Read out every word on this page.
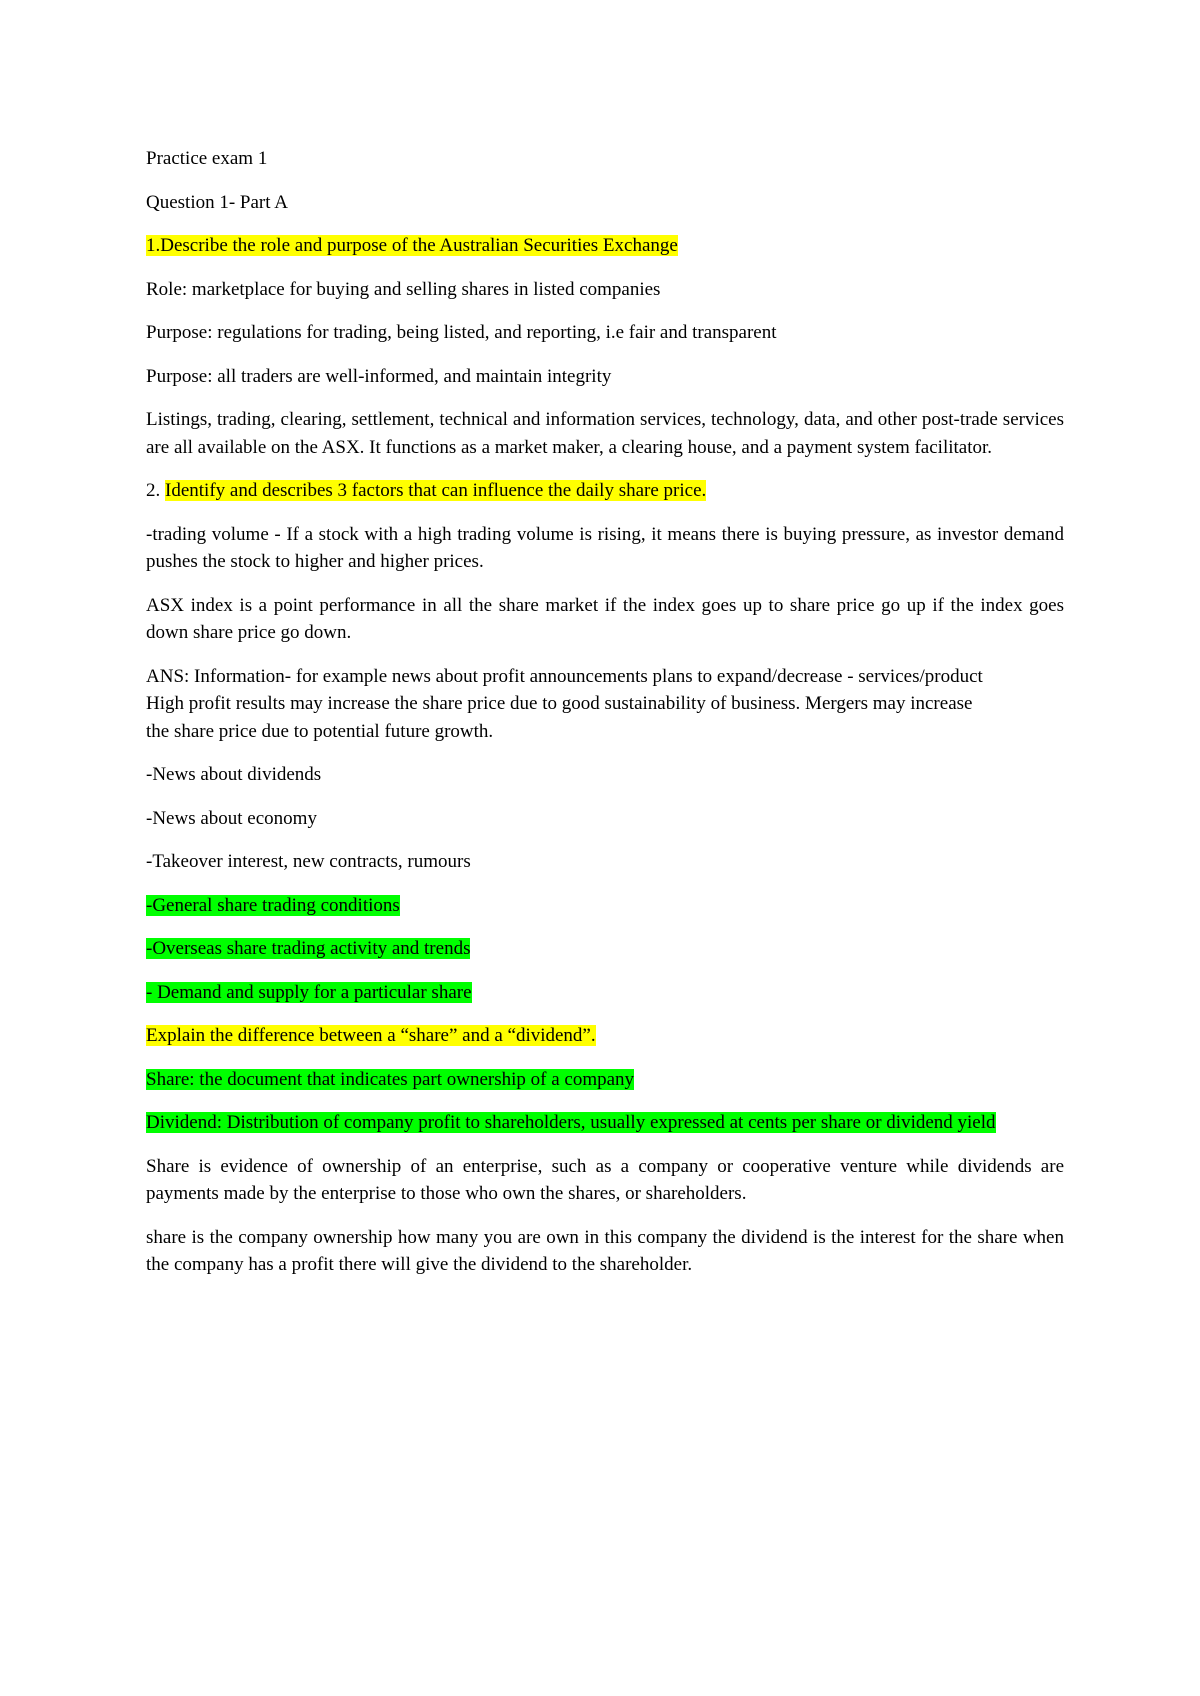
Practice exam 1

Question 1- Part A

1.Describe the role and purpose of the Australian Securities Exchange

Role: marketplace for buying and selling shares in listed companies

Purpose: regulations for trading, being listed, and reporting, i.e fair and transparent

Purpose: all traders are well-informed, and maintain integrity

Listings, trading, clearing, settlement, technical and information services, technology, data, and other post-trade services are all available on the ASX. It functions as a market maker, a clearing house, and a payment system facilitator.

2. Identify and describes 3 factors that can influence the daily share price.

-trading volume - If a stock with a high trading volume is rising, it means there is buying pressure, as investor demand pushes the stock to higher and higher prices.

ASX index is a point performance in all the share market if the index goes up to share price go up if the index goes down share price go down.

ANS: Information- for example news about profit announcements plans to expand/decrease - services/product High profit results may increase the share price due to good sustainability of business. Mergers may increase the share price due to potential future growth.

-News about dividends

-News about economy

-Takeover interest, new contracts, rumours

-General share trading conditions

-Overseas share trading activity and trends

- Demand and supply for a particular share

Explain the difference between a “share” and a “dividend”.

Share: the document that indicates part ownership of a company

Dividend: Distribution of company profit to shareholders, usually expressed at cents per share or dividend yield

Share is evidence of ownership of an enterprise, such as a company or cooperative venture while dividends are payments made by the enterprise to those who own the shares, or shareholders.

share is the company ownership how many you are own in this company the dividend is the interest for the share when the company has a profit there will give the dividend to the shareholder.
